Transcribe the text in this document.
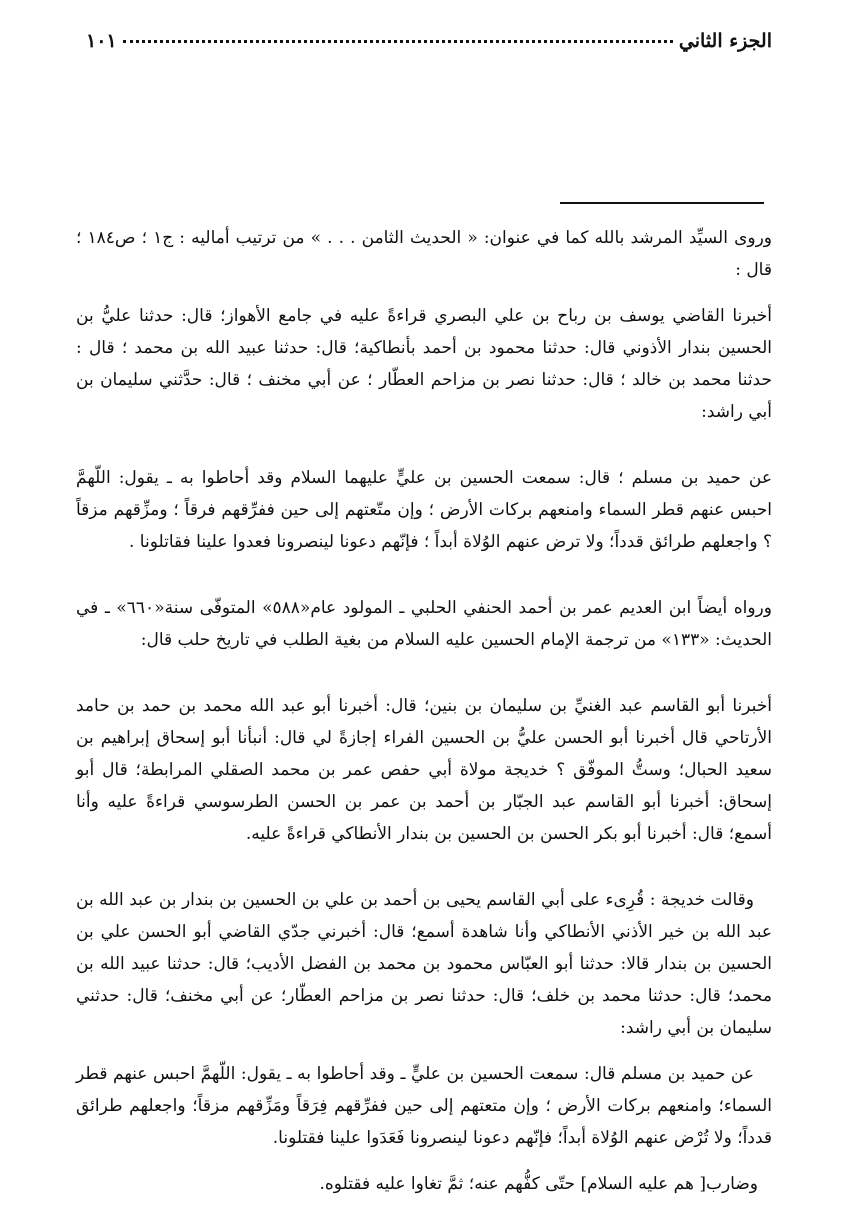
الجزء الثاني
١٠١

وروى السيِّد المرشد بالله كما في عنوان: « الحديث الثامن . . . » من ترتيب أماليه : ج١ ؛ ص١٨٤ ؛ قال :

أخبرنا القاضي يوسف بن رباح بن علي البصري قراءةً عليه في جامع الأهواز؛ قال: حدثنا عليُّ بن الحسين بندار الأذوني قال: حدثنا محمود بن أحمد بأنطاكية؛ قال: حدثنا عبيد الله بن محمد ؛ قال : حدثنا محمد بن خالد ؛ قال: حدثنا نصر بن مزاحم العطّار ؛ عن أبي مخنف ؛ قال: حدَّثني سليمان بن أبي راشد:

عن حميد بن مسلم ؛ قال: سمعت الحسين بن عليٍّ عليهما السلام وقد أحاطوا به ـ يقول: اللّهمَّ احبس عنهم قطر السماء وامنعهم بركات الأرض ؛ وإن متّعتهم إلى حين ففرِّقهم فرقاً ؛ ومزِّقهم مزقاً ؟ واجعلهم طرائق قدداً؛ ولا ترض عنهم الوُلاة أبداً ؛ فإنّهم دعونا لينصرونا فعدوا علينا فقاتلونا .

ورواه أيضاً ابن العديم عمر بن أحمد الحنفي الحلبي ـ المولود عام«٥٨٨» المتوفّى سنة«٦٦٠» ـ في الحديث: «١٣٣» من ترجمة الإمام الحسين عليه السلام من بغية الطلب في تاريخ حلب قال:

أخبرنا أبو القاسم عبد الغنيِّ بن سليمان بن بنين؛ قال: أخبرنا أبو عبد الله محمد بن حمد بن حامد الأرتاحي قال أخبرنا أبو الحسن عليُّ بن الحسين الفراء إجازةً لي قال: أنبأنا أبو إسحاق إبراهيم بن سعيد الحبال؛ وستُّ الموفّق ؟ خديجة مولاة أبي حفص عمر بن محمد الصقلي المرابطة؛ قال أبو إسحاق: أخبرنا أبو القاسم عبد الجبّار بن أحمد بن عمر بن الحسن الطرسوسي قراءةً عليه وأنا أسمع؛ قال: أخبرنا أبو بكر الحسن بن الحسين بن بندار الأنطاكي قراءةً عليه.

وقالت خديجة : قُرِىء على أبي القاسم يحيى بن أحمد بن علي بن الحسين بن بندار بن عبد الله بن عبد الله بن خير الأذني الأنطاكي وأنا شاهدة أسمع؛ قال: أخبرني جدّي القاضي أبو الحسن علي بن الحسين بن بندار قالا: حدثنا أبو العبّاس محمود بن محمد بن الفضل الأديب؛ قال: حدثنا عبيد الله بن محمد؛ قال: حدثنا محمد بن خلف؛ قال: حدثنا نصر بن مزاحم العطّار؛ عن أبي مخنف؛ قال: حدثني سليمان بن أبي راشد:

عن حميد بن مسلم قال: سمعت الحسين بن عليٍّ ـ وقد أحاطوا به ـ يقول: اللّهمَّ احبس عنهم قطر السماء؛ وامنعهم بركات الأرض ؛ وإن متعتهم إلى حين ففرِّقهم فِرَقاً ومَزِّقهم مزقاً؛ واجعلهم طرائق قدداً؛ ولا تُرْض عنهم الوُلاة أبداً؛ فإنّهم دعونا لينصرونا فَعَدَوا علينا فقتلونا.

وضارب[ هم عليه السلام] حتّى كفُّهم عنه؛ ثمَّ تغاوا عليه فقتلوه.
